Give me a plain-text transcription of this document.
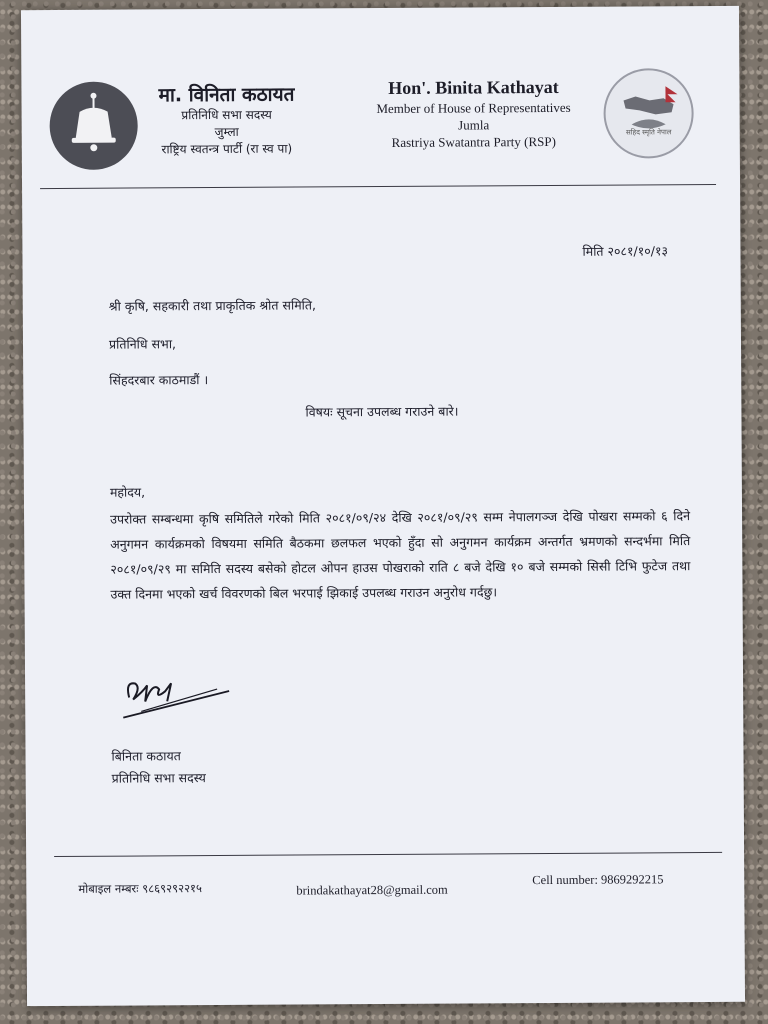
मा. विनिता कठायत
प्रतिनिधि सभा सदस्य
जुम्ला
राष्ट्रिय स्वतन्त्र पार्टी (रा स्व पा)
Hon'. Binita Kathayat
Member of House of Representatives
Jumla
Rastriya Swatantra Party (RSP)
सहिद स्मृति नेपाल
मिति २०८१/१०/१३
श्री कृषि, सहकारी तथा प्राकृतिक श्रोत समिति,
प्रतिनिधि सभा,
सिंहदरबार काठमाडौं ।
विषयः सूचना उपलब्ध गराउने बारे।
महोदय,
उपरोक्त सम्बन्धमा कृषि समितिले गरेको मिति २०८१/०९/२४ देखि २०८१/०९/२९ सम्म नेपालगञ्ज देखि पोखरा सम्मको ६ दिने अनुगमन कार्यक्रमको विषयमा समिति बैठकमा छलफल भएको हुँदा सो अनुगमन कार्यक्रम अन्तर्गत भ्रमणको सन्दर्भमा मिति २०८१/०९/२९ मा समिति सदस्य बसेको होटल ओपन हाउस पोखराको राति ८ बजे देखि १० बजे सम्मको सिसी टिभि फुटेज तथा उक्त दिनमा भएको खर्च विवरणको बिल भरपाई झिकाई उपलब्ध गराउन अनुरोध गर्दछु।
बिनिता कठायत
प्रतिनिधि सभा सदस्य
मोबाइल नम्बरः ९८६९२९२२१५	brindakathayat28@gmail.com
Cell number: 9869292215
